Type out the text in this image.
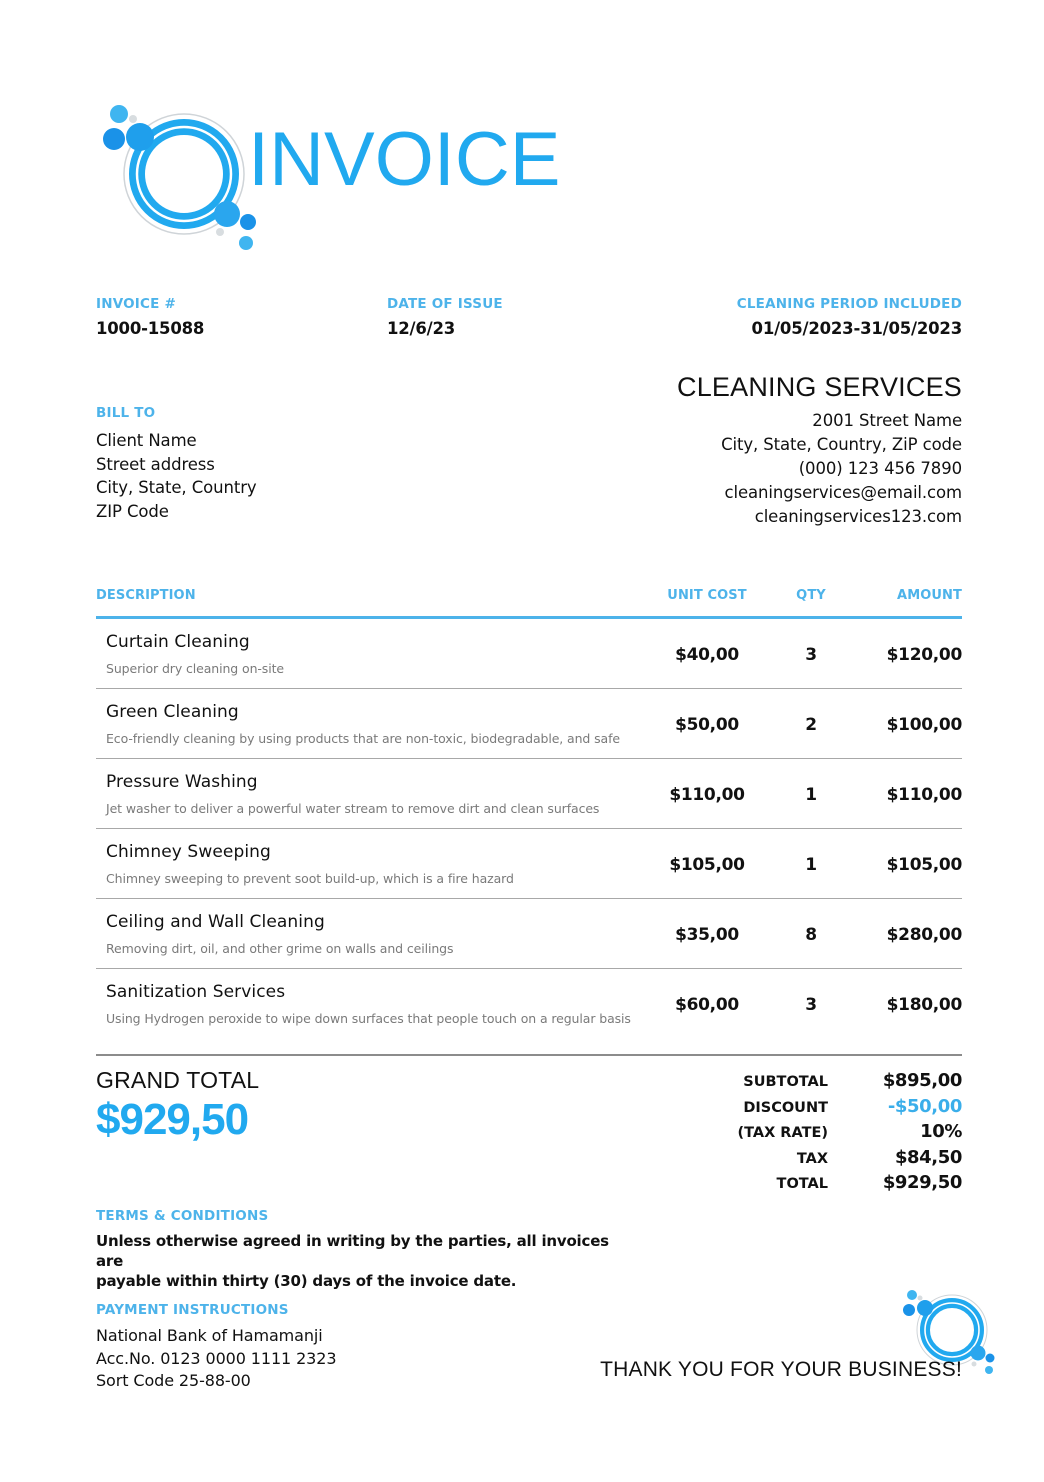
INVOICE
INVOICE #
1000-15088
DATE OF ISSUE
12/6/23
CLEANING PERIOD INCLUDED
01/05/2023-31/05/2023
BILL TO
Client Name
Street address
City, State, Country
ZIP Code
CLEANING SERVICES
2001 Street Name
City, State, Country, ZiP code
(000) 123 456 7890
cleaningservices@email.com
cleaningservices123.com
DESCRIPTION	UNIT COST	QTY	AMOUNT
Curtain Cleaning
Superior dry cleaning on-site
$40,00	3	$120,00
Green Cleaning
Eco-friendly cleaning by using products that are non-toxic, biodegradable, and safe
$50,00	2	$100,00
Pressure Washing
Jet washer to deliver a powerful water stream to remove dirt and clean surfaces
$110,00	1	$110,00
Chimney Sweeping
Chimney sweeping to prevent soot build-up, which is a fire hazard
$105,00	1	$105,00
Ceiling and Wall Cleaning
Removing dirt, oil, and other grime on walls and ceilings
$35,00	8	$280,00
Sanitization Services
Using Hydrogen peroxide to wipe down surfaces that people touch on a regular basis
$60,00	3	$180,00
GRAND TOTAL
$929,50
SUBTOTAL	$895,00
DISCOUNT	-$50,00
(TAX RATE)	10%
TAX	$84,50
TOTAL	$929,50
TERMS & CONDITIONS
Unless otherwise agreed in writing by the parties, all invoices are
payable within thirty (30) days of the invoice date.
PAYMENT INSTRUCTIONS
National Bank of Hamamanji
Acc.No. 0123 0000 1111 2323
Sort Code 25-88-00	THANK YOU FOR YOUR BUSINESS!
